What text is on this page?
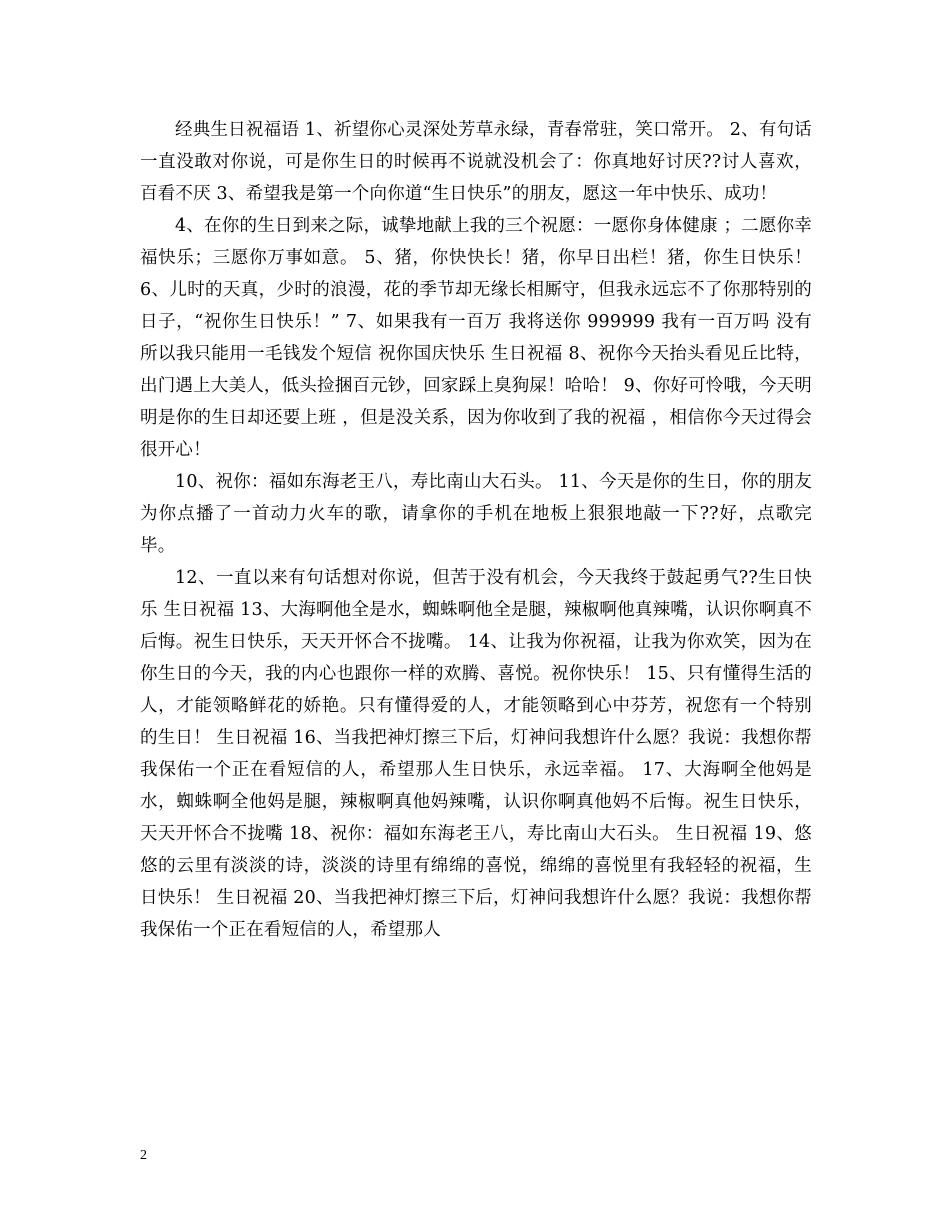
经典生日祝福语 1、祈望你心灵深处芳草永绿，青春常驻，笑口常开。 2、有句话一直没敢对你说，可是你生日的时候再不说就没机会了：你真地好讨厌??讨人喜欢，百看不厌 3、希望我是第一个向你道“生日快乐”的朋友，愿这一年中快乐、成功！

4、在你的生日到来之际，诚挚地献上我的三个祝愿：一愿你身体健康 ；二愿你幸福快乐；三愿你万事如意。 5、猪，你快快长！猪，你早日出栏！猪，你生日快乐！ 6、儿时的天真，少时的浪漫，花的季节却无缘长相厮守，但我永远忘不了你那特别的日子，“祝你生日快乐！” 7、如果我有一百万 我将送你 999999 我有一百万吗 没有 所以我只能用一毛钱发个短信 祝你国庆快乐 生日祝福 8、祝你今天抬头看见丘比特，出门遇上大美人，低头捡捆百元钞，回家踩上臭狗屎！哈哈！ 9、你好可怜哦，今天明明是你的生日却还要上班 ，但是没关系，因为你收到了我的祝福 ，相信你今天过得会很开心！

10、祝你：福如东海老王八，寿比南山大石头。 11、今天是你的生日，你的朋友为你点播了一首动力火车的歌，请拿你的手机在地板上狠狠地敲一下??好，点歌完毕。

12、一直以来有句话想对你说，但苦于没有机会，今天我终于鼓起勇气??生日快乐 生日祝福 13、大海啊他全是水，蜘蛛啊他全是腿，辣椒啊他真辣嘴，认识你啊真不后悔。祝生日快乐，天天开怀合不拢嘴。 14、让我为你祝福，让我为你欢笑，因为在你生日的今天，我的内心也跟你一样的欢腾、喜悦。祝你快乐！ 15、只有懂得生活的人，才能领略鲜花的娇艳。只有懂得爱的人，才能领略到心中芬芳，祝您有一个特别的生日！ 生日祝福 16、当我把神灯擦三下后，灯神问我想许什么愿？我说：我想你帮我保佑一个正在看短信的人，希望那人生日快乐，永远幸福。 17、大海啊全他妈是水，蜘蛛啊全他妈是腿，辣椒啊真他妈辣嘴，认识你啊真他妈不后悔。祝生日快乐，天天开怀合不拢嘴 18、祝你：福如东海老王八，寿比南山大石头。 生日祝福 19、悠悠的云里有淡淡的诗，淡淡的诗里有绵绵的喜悦，绵绵的喜悦里有我轻轻的祝福，生日快乐！ 生日祝福 20、当我把神灯擦三下后，灯神问我想许什么愿？我说：我想你帮我保佑一个正在看短信的人，希望那人

2
